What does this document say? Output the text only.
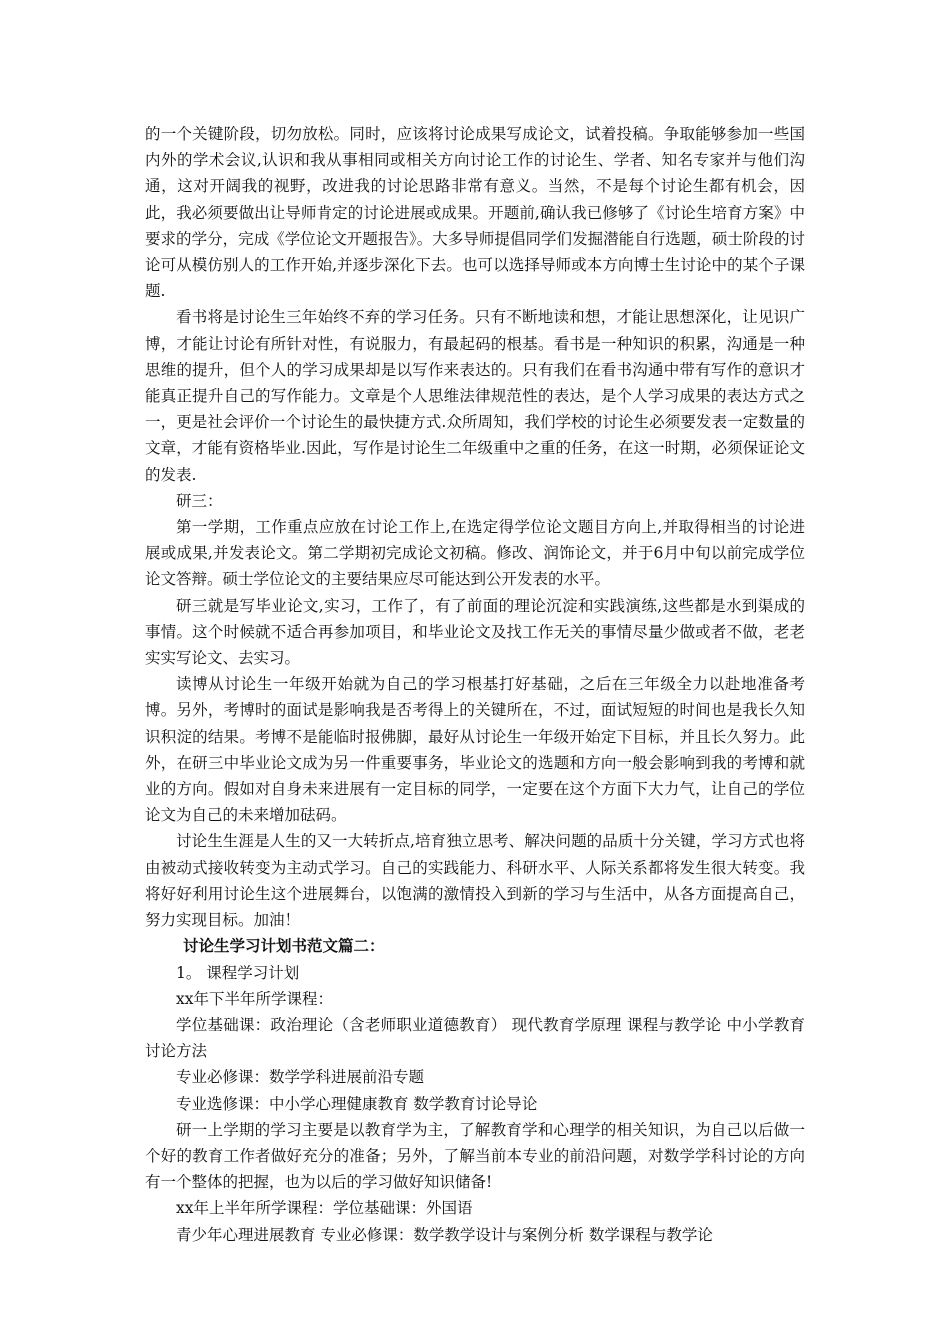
的一个关键阶段，切勿放松。同时，应该将讨论成果写成论文，试着投稿。争取能够参加一些国内外的学术会议,认识和我从事相同或相关方向讨论工作的讨论生、学者、知名专家并与他们沟通，这对开阔我的视野，改进我的讨论思路非常有意义。当然，不是每个讨论生都有机会，因此，我必须要做出让导师肯定的讨论进展或成果。开题前,确认我已修够了《讨论生培育方案》中要求的学分，完成《学位论文开题报告》。大多导师提倡同学们发掘潜能自行选题，硕士阶段的讨论可从模仿别人的工作开始,并逐步深化下去。也可以选择导师或本方向博士生讨论中的某个子课题.

看书将是讨论生三年始终不弃的学习任务。只有不断地读和想，才能让思想深化，让见识广博，才能让讨论有所针对性，有说服力，有最起码的根基。看书是一种知识的积累，沟通是一种思维的提升，但个人的学习成果却是以写作来表达的。只有我们在看书沟通中带有写作的意识才能真正提升自己的写作能力。文章是个人思维法律规范性的表达，是个人学习成果的表达方式之一，更是社会评价一个讨论生的最快捷方式.众所周知，我们学校的讨论生必须要发表一定数量的文章，才能有资格毕业.因此，写作是讨论生二年级重中之重的任务，在这一时期，必须保证论文的发表.

研三：

第一学期，工作重点应放在讨论工作上,在选定得学位论文题目方向上,并取得相当的讨论进展或成果,并发表论文。第二学期初完成论文初稿。修改、润饰论文，并于6月中旬以前完成学位论文答辩。硕士学位论文的主要结果应尽可能达到公开发表的水平。

研三就是写毕业论文,实习，工作了，有了前面的理论沉淀和实践演练,这些都是水到渠成的事情。这个时候就不适合再参加项目，和毕业论文及找工作无关的事情尽量少做或者不做，老老实实写论文、去实习。

读博从讨论生一年级开始就为自己的学习根基打好基础，之后在三年级全力以赴地准备考博。另外，考博时的面试是影响我是否考得上的关键所在，不过，面试短短的时间也是我长久知识积淀的结果。考博不是能临时报佛脚，最好从讨论生一年级开始定下目标，并且长久努力。此外，在研三中毕业论文成为另一件重要事务，毕业论文的选题和方向一般会影响到我的考博和就业的方向。假如对自身未来进展有一定目标的同学，一定要在这个方面下大力气，让自己的学位论文为自己的未来增加砝码。

讨论生生涯是人生的又一大转折点,培育独立思考、解决问题的品质十分关键，学习方式也将由被动式接收转变为主动式学习。自己的实践能力、科研水平、人际关系都将发生很大转变。我将好好利用讨论生这个进展舞台，以饱满的激情投入到新的学习与生活中，从各方面提高自己，努力实现目标。加油！

讨论生学习计划书范文篇二：

1。 课程学习计划

xx年下半年所学课程：

学位基础课：政治理论（含老师职业道德教育） 现代教育学原理 课程与教学论 中小学教育讨论方法

专业必修课：数学学科进展前沿专题

专业选修课：中小学心理健康教育 数学教育讨论导论

研一上学期的学习主要是以教育学为主，了解教育学和心理学的相关知识，为自己以后做一个好的教育工作者做好充分的准备；另外，了解当前本专业的前沿问题，对数学学科讨论的方向有一个整体的把握，也为以后的学习做好知识储备!

xx年上半年所学课程：学位基础课：外国语

青少年心理进展教育 专业必修课：数学教学设计与案例分析 数学课程与教学论
